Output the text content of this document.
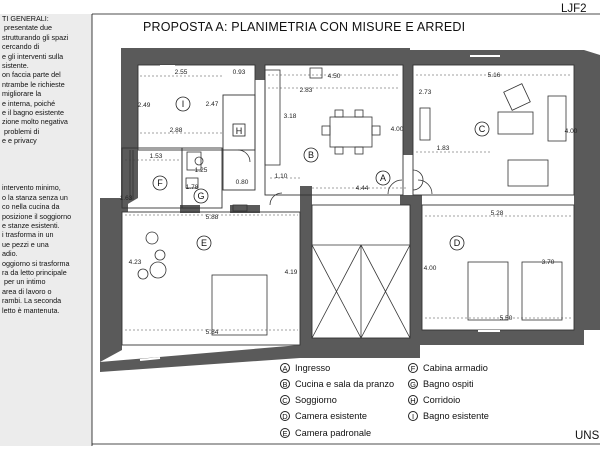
TI GENERALI:
presentate due
strutturando gli spazi
cercando di
e gli interventi sulla
sistente.
on faccia parte del
ntrambe le richieste
migliorare la
e interna, poiché
e il bagno esistente
zione molto negativa
problemi di
e e privacy

intervento minimo,
o la stanza senza un
co nella cucina da
posizione il soggiorno
e stanze esistenti.
i trasforma in un
ue pezzi e una
adio.
oggiorno si trasforma
ra da letto principale
per un intimo
area di lavoro o
rambi. La seconda
letto è mantenuta.
PROPOSTA A: PLANIMETRIA CON MISURE E ARREDI
LJF2
UNS
I
H
B
C
F
G
A
E	D
2.55
2.49	2.47
2.88
0.93
4.50
2.83
3.18
1.10
0.80
5.16
2.73
4.00
1.83
4.00
1.53
1.63
1.25
1.78	4.44
5.88
4.23
4.19
5.84
5.28
4.00
3.70
5.50
A Ingresso
B Cucina e sala da pranzo
C Soggiorno
D Camera esistente
E Camera padronale
F Cabina armadio
G Bagno ospiti
H Corridoio
I Bagno esistente
